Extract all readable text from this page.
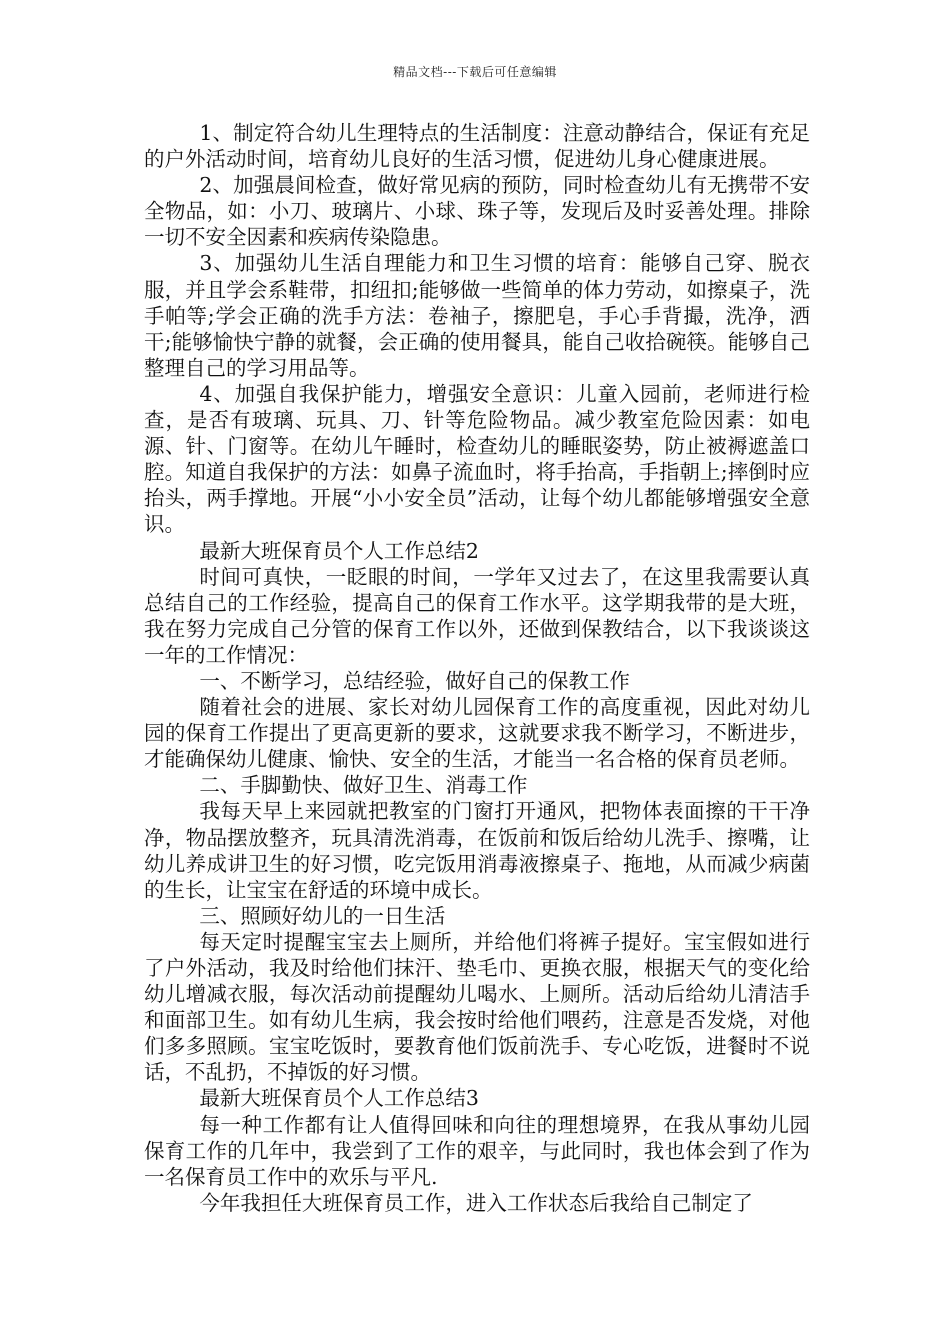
精品文档---下载后可任意编辑

1、制定符合幼儿生理特点的生活制度：注意动静结合，保证有充足的户外活动时间，培育幼儿良好的生活习惯，促进幼儿身心健康进展。

2、加强晨间检查，做好常见病的预防，同时检查幼儿有无携带不安全物品，如：小刀、玻璃片、小球、珠子等，发现后及时妥善处理。排除一切不安全因素和疾病传染隐患。

3、加强幼儿生活自理能力和卫生习惯的培育：能够自己穿、脱衣服，并且学会系鞋带，扣纽扣;能够做一些简单的体力劳动，如擦桌子，洗手帕等;学会正确的洗手方法：卷袖子，擦肥皂，手心手背撮，洗净，洒干;能够愉快宁静的就餐，会正确的使用餐具，能自己收拾碗筷。能够自己整理自己的学习用品等。

4、加强自我保护能力，增强安全意识：儿童入园前，老师进行检查，是否有玻璃、玩具、刀、针等危险物品。减少教室危险因素：如电源、针、门窗等。在幼儿午睡时，检查幼儿的睡眠姿势，防止被褥遮盖口腔。知道自我保护的方法：如鼻子流血时，将手抬高，手指朝上;摔倒时应抬头，两手撑地。开展“小小安全员”活动，让每个幼儿都能够增强安全意识。

最新大班保育员个人工作总结2

时间可真快，一眨眼的时间，一学年又过去了，在这里我需要认真总结自己的工作经验，提高自己的保育工作水平。这学期我带的是大班，我在努力完成自己分管的保育工作以外，还做到保教结合，以下我谈谈这一年的工作情况：

一、不断学习，总结经验，做好自己的保教工作

随着社会的进展、家长对幼儿园保育工作的高度重视，因此对幼儿园的保育工作提出了更高更新的要求，这就要求我不断学习，不断进步，才能确保幼儿健康、愉快、安全的生活，才能当一名合格的保育员老师。

二、手脚勤快、做好卫生、消毒工作

我每天早上来园就把教室的门窗打开通风，把物体表面擦的干干净净，物品摆放整齐，玩具清洗消毒，在饭前和饭后给幼儿洗手、擦嘴，让幼儿养成讲卫生的好习惯，吃完饭用消毒液擦桌子、拖地，从而减少病菌的生长，让宝宝在舒适的环境中成长。

三、照顾好幼儿的一日生活

每天定时提醒宝宝去上厕所，并给他们将裤子提好。宝宝假如进行了户外活动，我及时给他们抹汗、垫毛巾、更换衣服，根据天气的变化给幼儿增减衣服，每次活动前提醒幼儿喝水、上厕所。活动后给幼儿清洁手和面部卫生。如有幼儿生病，我会按时给他们喂药，注意是否发烧，对他们多多照顾。宝宝吃饭时，要教育他们饭前洗手、专心吃饭，进餐时不说话，不乱扔，不掉饭的好习惯。

最新大班保育员个人工作总结3

每一种工作都有让人值得回味和向往的理想境界，在我从事幼儿园保育工作的几年中，我尝到了工作的艰辛，与此同时，我也体会到了作为一名保育员工作中的欢乐与平凡.

今年我担任大班保育员工作，进入工作状态后我给自己制定了
